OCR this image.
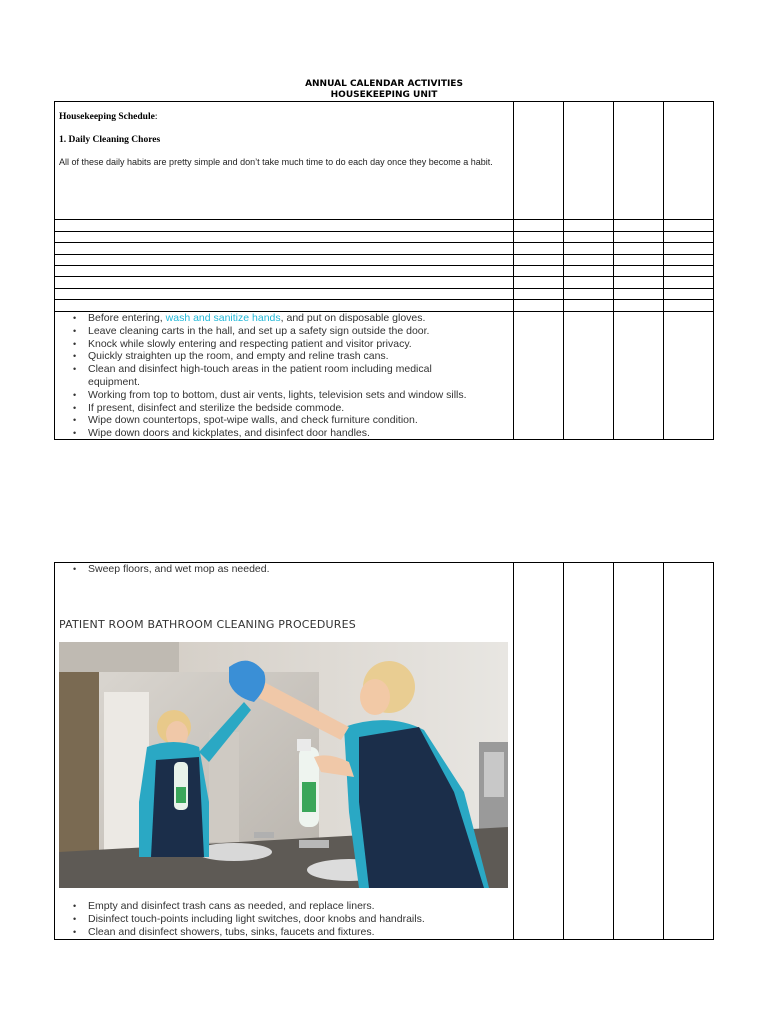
ANNUAL CALENDAR ACTIVITIES
HOUSEKEEPING UNIT
Housekeeping Schedule:
1. Daily Cleaning Chores
All of these daily habits are pretty simple and don’t take much time to do each day once they become a habit.
• Before entering, wash and sanitize hands, and put on disposable gloves.
• Leave cleaning carts in the hall, and set up a safety sign outside the door.
• Knock while slowly entering and respecting patient and visitor privacy.
• Quickly straighten up the room, and empty and reline trash cans.
• Clean and disinfect high-touch areas in the patient room including medical equipment.
• Working from top to bottom, dust air vents, lights, television sets and window sills.
• If present, disinfect and sterilize the bedside commode.
• Wipe down countertops, spot-wipe walls, and check furniture condition.
• Wipe down doors and kickplates, and disinfect door handles.
• Sweep floors, and wet mop as needed.
PATIENT ROOM BATHROOM CLEANING PROCEDURES
• Empty and disinfect trash cans as needed, and replace liners.
• Disinfect touch-points including light switches, door knobs and handrails.
• Clean and disinfect showers, tubs, sinks, faucets and fixtures.
